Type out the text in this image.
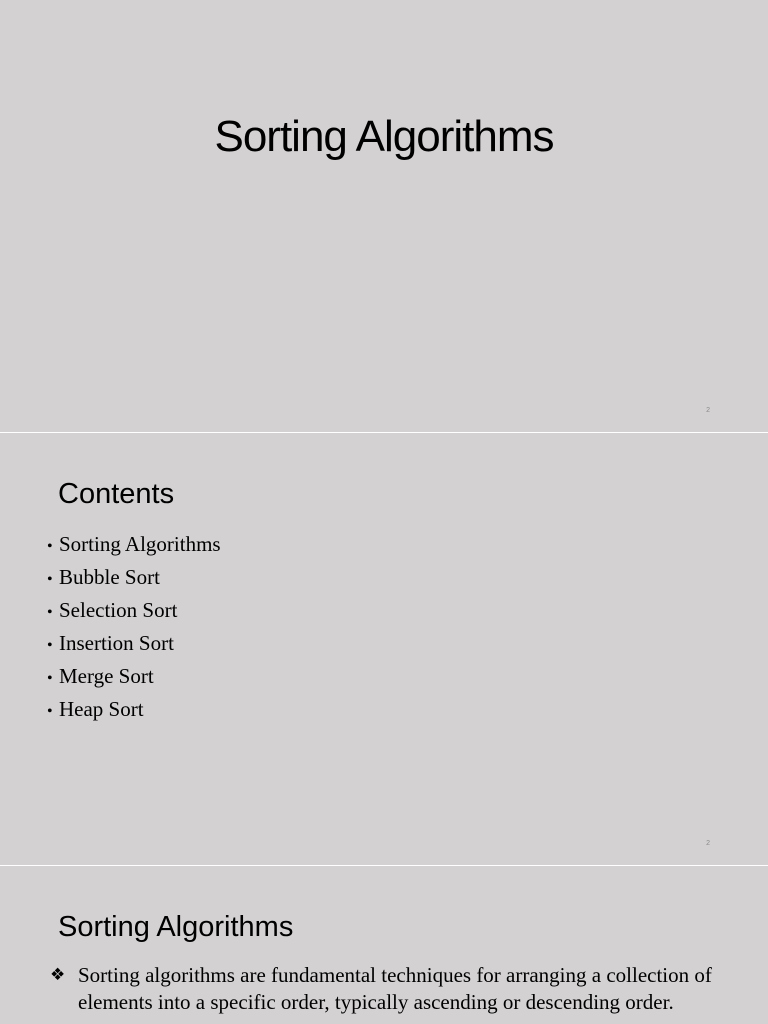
Sorting Algorithms
2
Contents
• Sorting Algorithms
• Bubble Sort
• Selection Sort
• Insertion Sort
• Merge Sort
• Heap Sort
2
Sorting Algorithms
❖ Sorting algorithms are fundamental techniques for arranging a collection of elements into a specific order, typically ascending or descending order.
